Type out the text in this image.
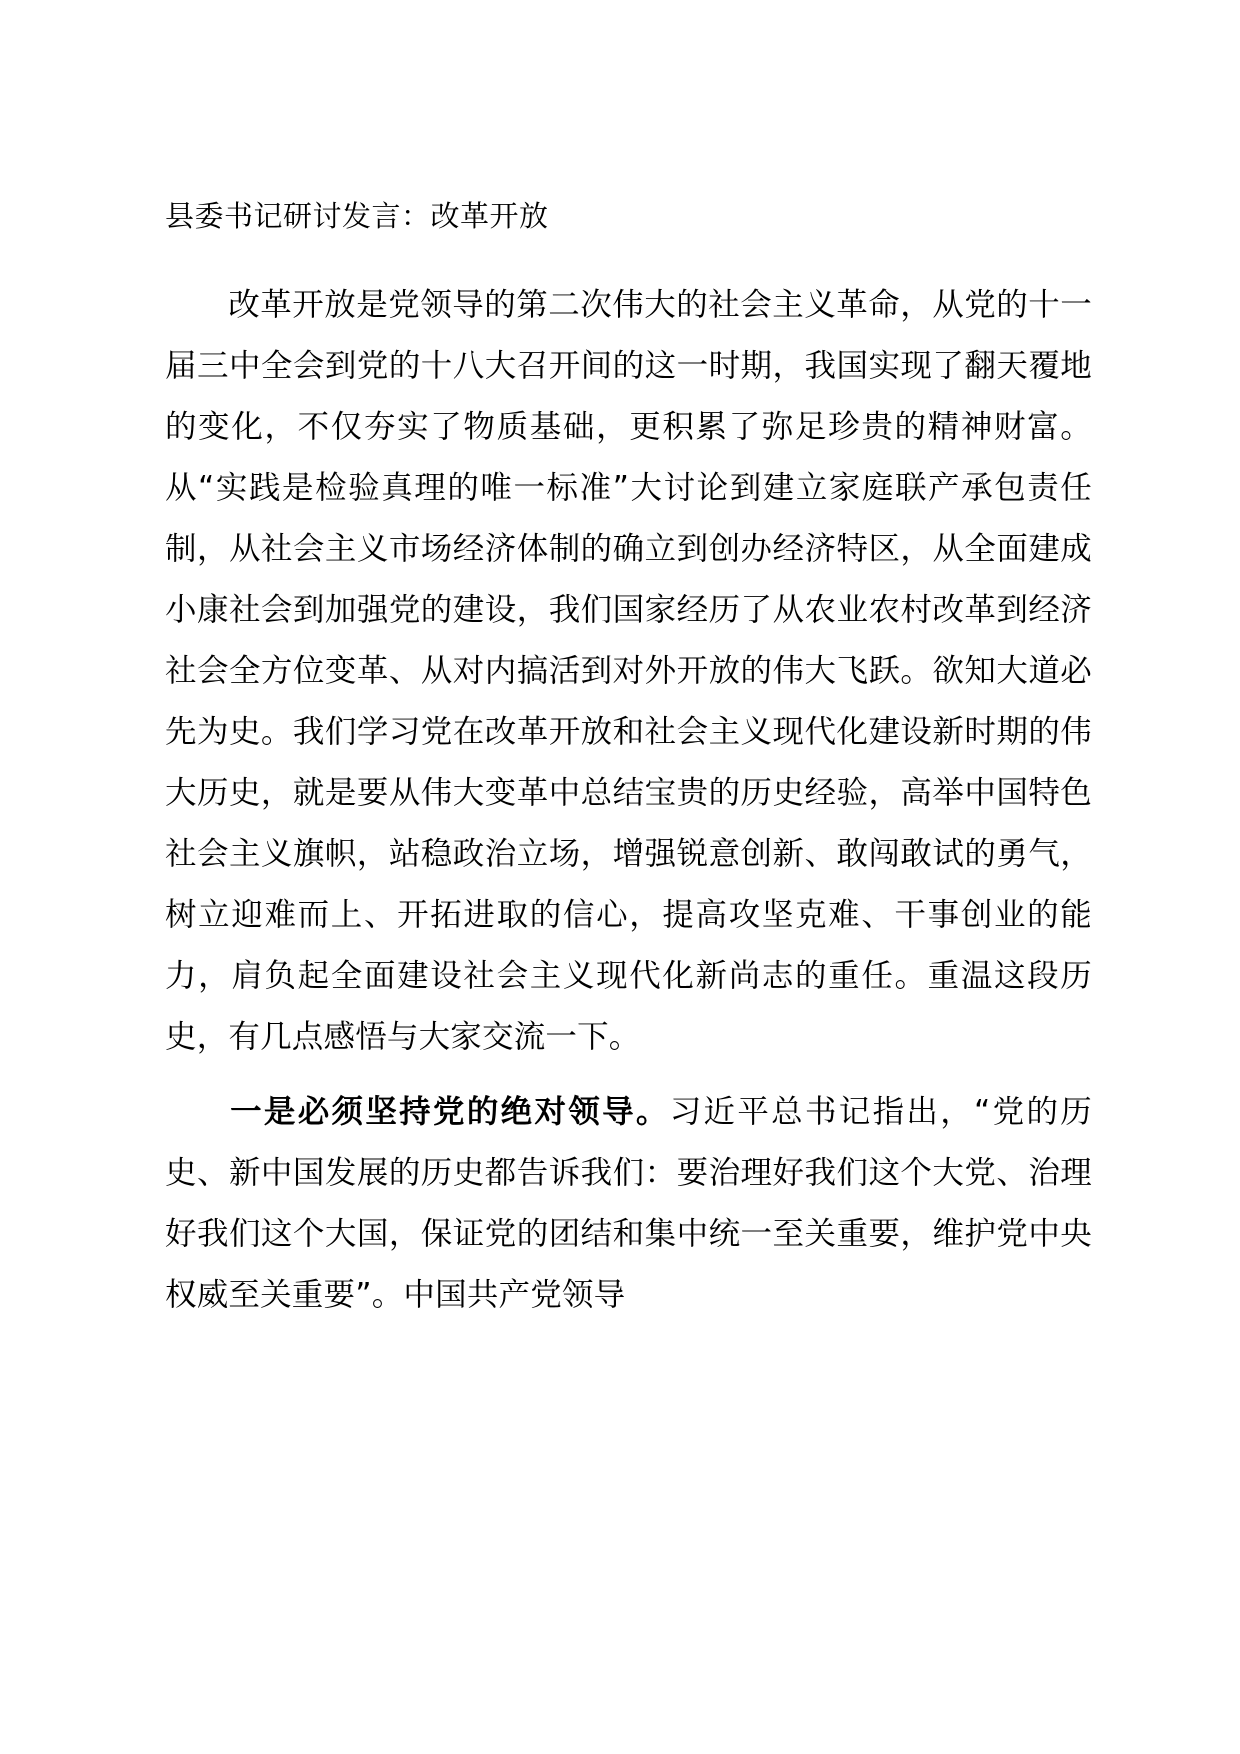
县委书记研讨发言：改革开放

改革开放是党领导的第二次伟大的社会主义革命，从党的十一届三中全会到党的十八大召开间的这一时期，我国实现了翻天覆地的变化，不仅夯实了物质基础，更积累了弥足珍贵的精神财富。从“实践是检验真理的唯一标准”大讨论到建立家庭联产承包责任制，从社会主义市场经济体制的确立到创办经济特区，从全面建成小康社会到加强党的建设，我们国家经历了从农业农村改革到经济社会全方位变革、从对内搞活到对外开放的伟大飞跃。欲知大道必先为史。我们学习党在改革开放和社会主义现代化建设新时期的伟大历史，就是要从伟大变革中总结宝贵的历史经验，高举中国特色社会主义旗帜，站稳政治立场，增强锐意创新、敢闯敢试的勇气，树立迎难而上、开拓进取的信心，提高攻坚克难、干事创业的能力，肩负起全面建设社会主义现代化新尚志的重任。重温这段历史，有几点感悟与大家交流一下。

一是必须坚持党的绝对领导。习近平总书记指出，“党的历史、新中国发展的历史都告诉我们：要治理好我们这个大党、治理好我们这个大国，保证党的团结和集中统一至关重要，维护党中央权威至关重要”。中国共产党领导
